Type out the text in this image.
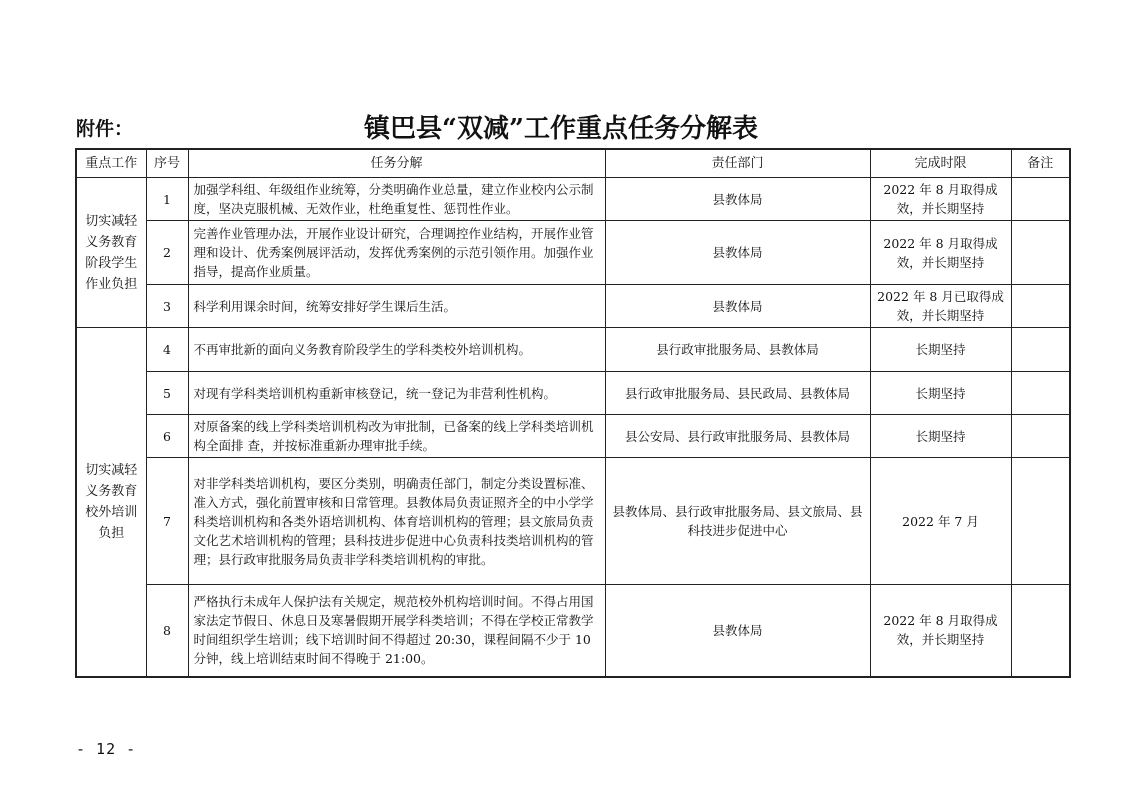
附件：	镇巴县“双减”工作重点任务分解表
重点工作	序号	任务分解	责任部门	完成时限	备注
切实减轻义务教育阶段学生作业负担	1	加强学科组、年级组作业统筹，分类明确作业总量，建立作业校内公示制度，坚决克服机械、无效作业，杜绝重复性、惩罚性作业。	县教体局	2022 年 8 月取得成效，并长期坚持	
	2	完善作业管理办法，开展作业设计研究，合理调控作业结构，开展作业管理和设计、优秀案例展评活动，发挥优秀案例的示范引领作用。加强作业指导，提高作业质量。	县教体局	2022 年 8 月取得成效，并长期坚持	
	3	科学利用课余时间，统筹安排好学生课后生活。	县教体局	2022 年 8 月已取得成效，并长期坚持	
切实减轻义务教育校外培训负担	4	不再审批新的面向义务教育阶段学生的学科类校外培训机构。	县行政审批服务局、县教体局	长期坚持	
	5	对现有学科类培训机构重新审核登记，统一登记为非营利性机构。	县行政审批服务局、县民政局、县教体局	长期坚持	
	6	对原备案的线上学科类培训机构改为审批制，已备案的线上学科类培训机构全面排 查，并按标准重新办理审批手续。	县公安局、县行政审批服务局、县教体局	长期坚持	
	7	对非学科类培训机构，要区分类别，明确责任部门，制定分类设置标准、准入方式，强化前置审核和日常管理。县教体局负责证照齐全的中小学学科类培训机构和各类外语培训机构、体育培训机构的管理；县文旅局负责文化艺术培训机构的管理；县科技进步促进中心负责科技类培训机构的管理；县行政审批服务局负责非学科类培训机构的审批。	县教体局、县行政审批服务局、县文旅局、县科技进步促进中心	2022 年 7 月	
	8	严格执行未成年人保护法有关规定，规范校外机构培训时间。不得占用国家法定节假日、休息日及寒暑假期开展学科类培训；不得在学校正常教学时间组织学生培训；线下培训时间不得超过 20:30，课程间隔不少于 10 分钟，线上培训结束时间不得晚于 21:00。	县教体局	2022 年 8 月取得成效，并长期坚持	
- 12 -
